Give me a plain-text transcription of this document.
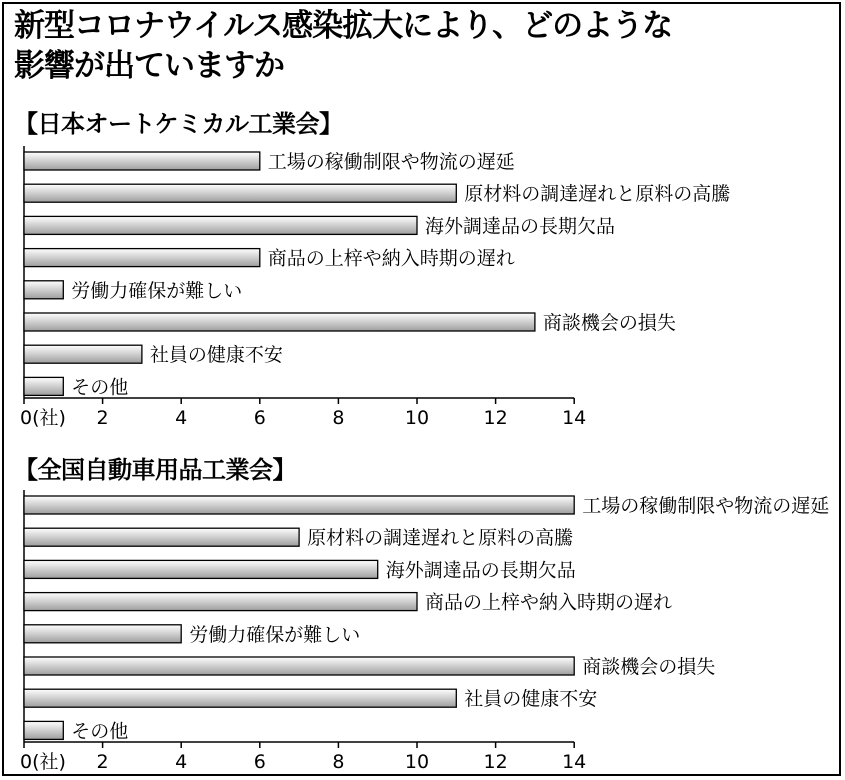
新型コロナウイルス感染拡大により、どのような
影響が出ていますか
【日本オートケミカル工業会】
【全国自動車用品工業会】
0(社) 2	4	6	8	10	12	14
工場の稼働制限や物流の遅延
原材料の調達遅れと原料の高騰
海外調達品の長期欠品
商品の上梓や納入時期の遅れ
労働力確保が難しい
商談機会の損失
社員の健康不安
その他
0(社) 2	4	6	8	10	12	14
工場の稼働制限や物流の遅延
原材料の調達遅れと原料の高騰
海外調達品の長期欠品
商品の上梓や納入時期の遅れ
労働力確保が難しい
商談機会の損失
社員の健康不安
その他
